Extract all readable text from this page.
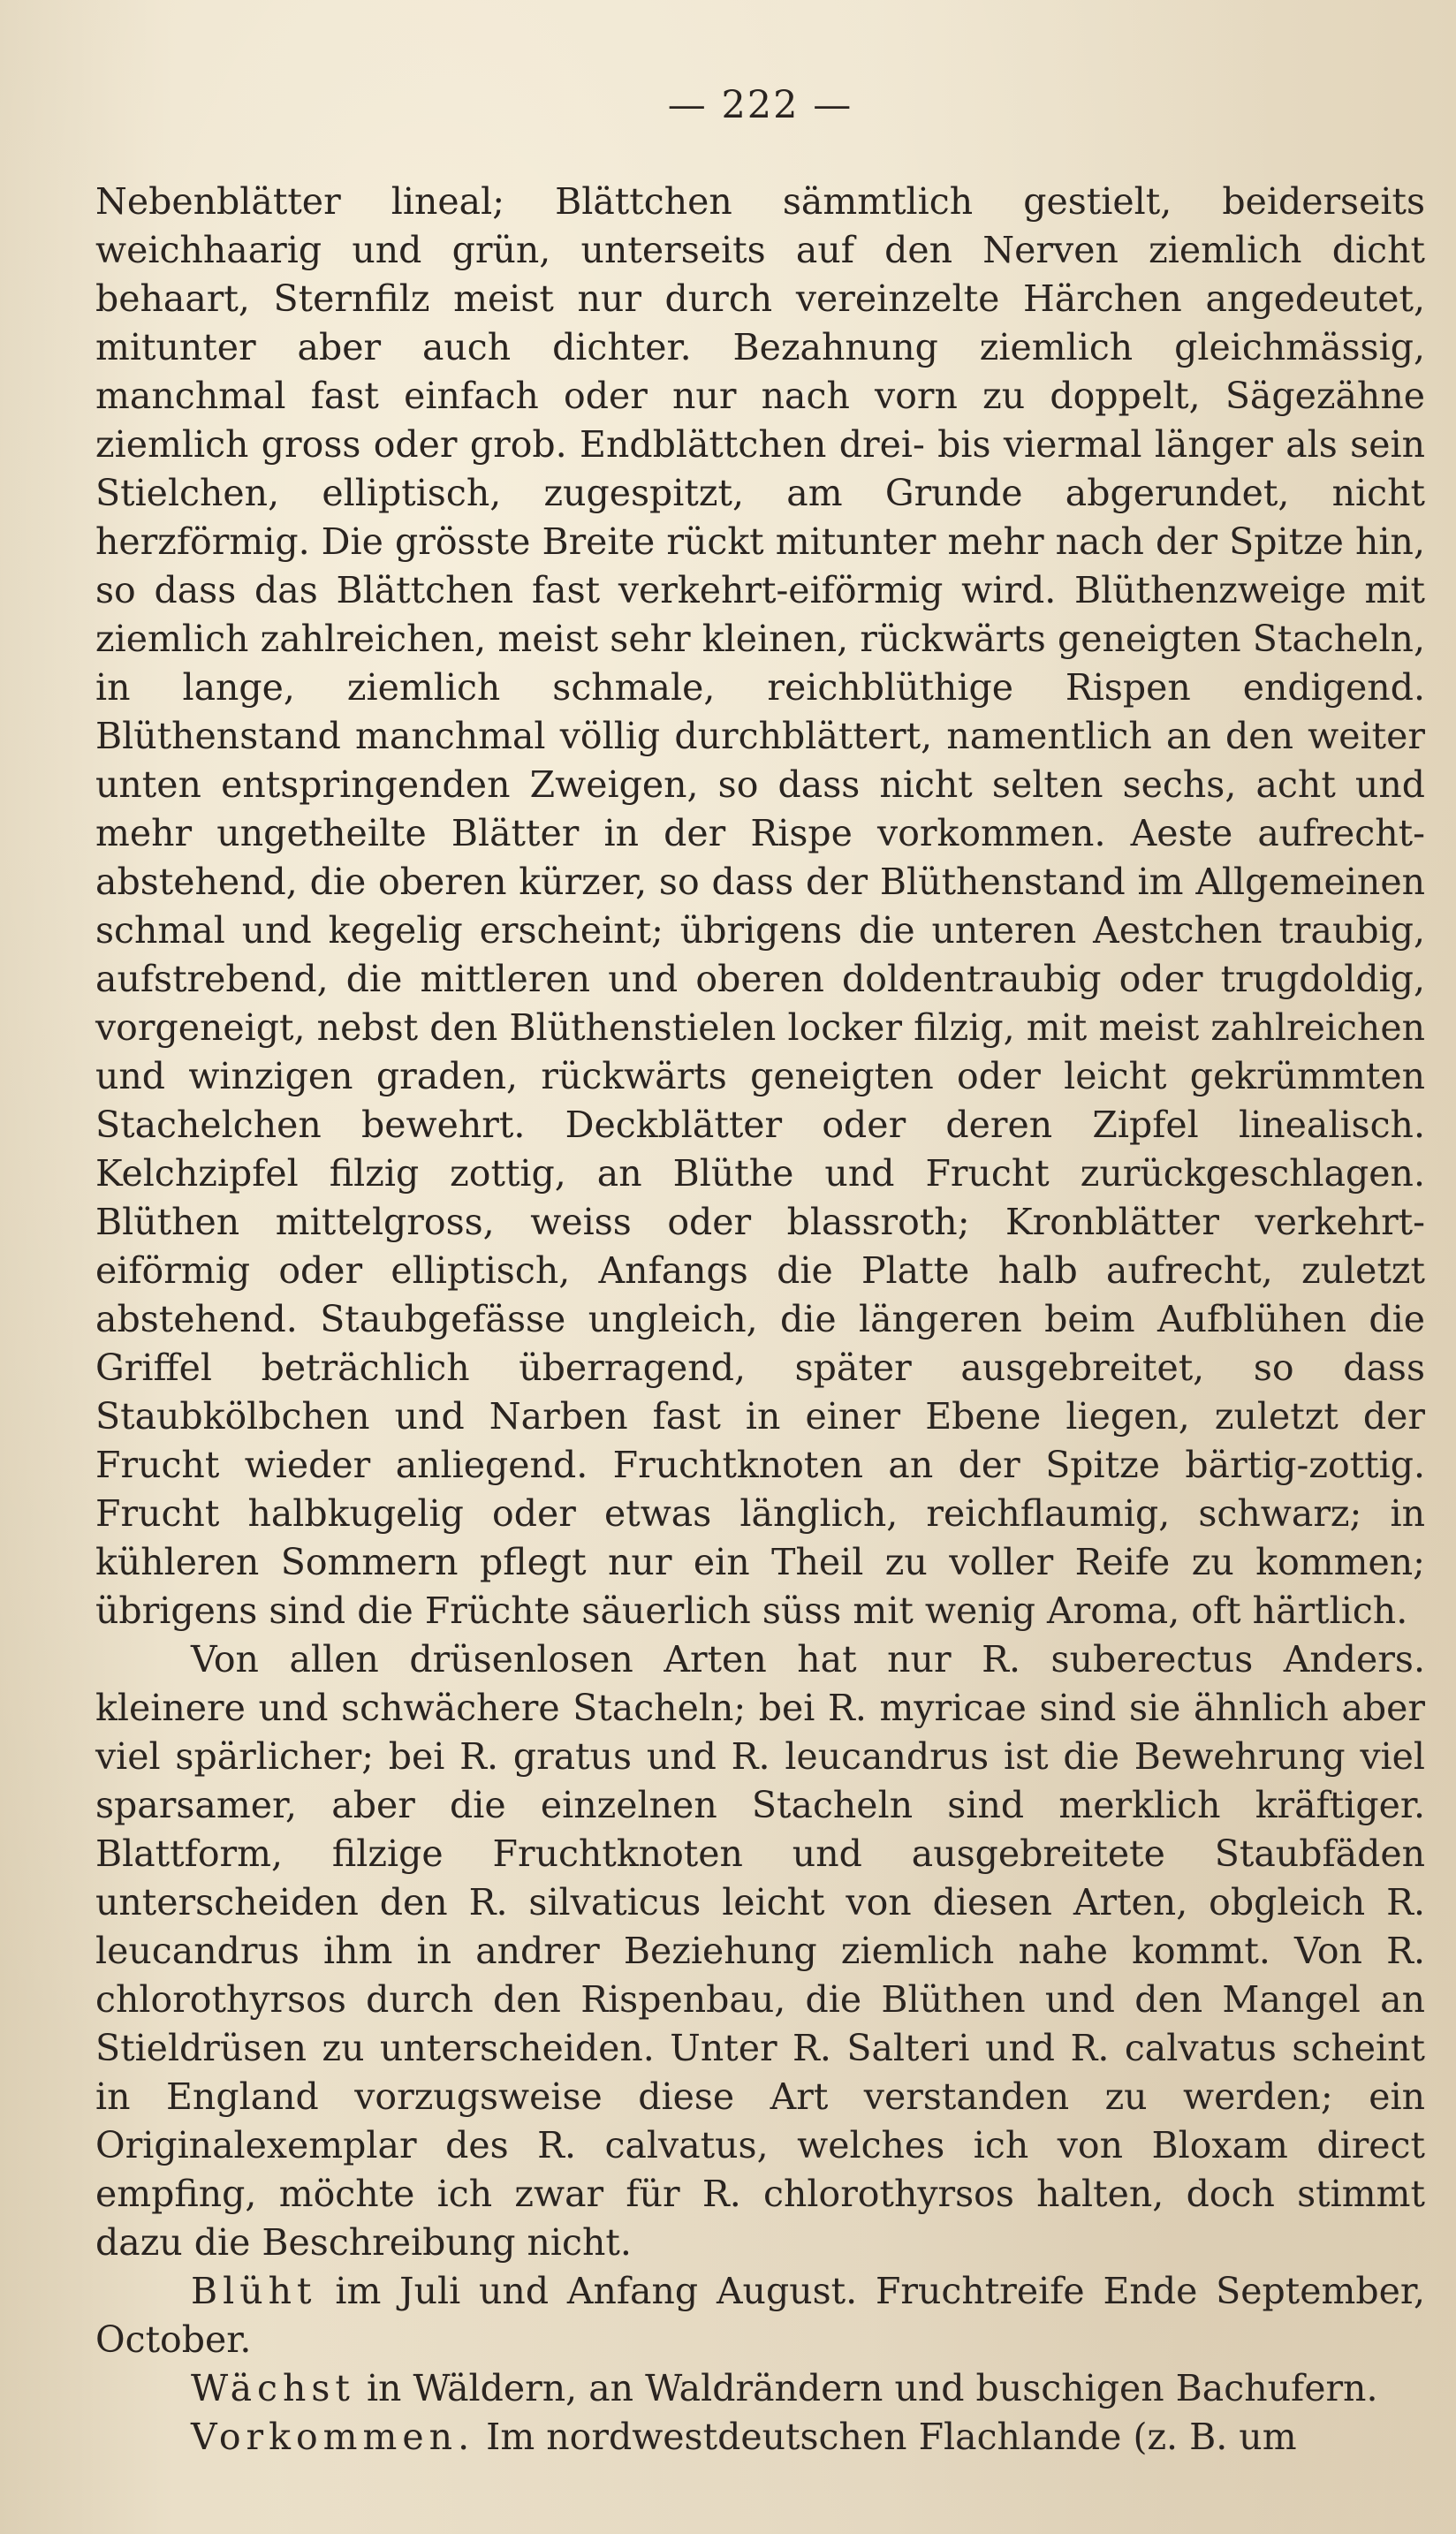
— 222 —

Nebenblätter lineal; Blättchen sämmtlich gestielt, beiderseits weichhaarig und grün, unterseits auf den Nerven ziemlich dicht behaart, Sternfilz meist nur durch vereinzelte Härchen angedeutet, mitunter aber auch dichter. Bezahnung ziemlich gleichmässig, manchmal fast einfach oder nur nach vorn zu doppelt, Sägezähne ziemlich gross oder grob. Endblättchen drei- bis viermal länger als sein Stielchen, elliptisch, zugespitzt, am Grunde abgerundet, nicht herzförmig. Die grösste Breite rückt mitunter mehr nach der Spitze hin, so dass das Blättchen fast verkehrt-eiförmig wird. Blüthenzweige mit ziemlich zahlreichen, meist sehr kleinen, rückwärts geneigten Stacheln, in lange, ziemlich schmale, reichblüthige Rispen endigend. Blüthenstand manchmal völlig durchblättert, namentlich an den weiter unten entspringenden Zweigen, so dass nicht selten sechs, acht und mehr ungetheilte Blätter in der Rispe vorkommen. Aeste aufrecht-abstehend, die oberen kürzer, so dass der Blüthenstand im Allgemeinen schmal und kegelig erscheint; übrigens die unteren Aestchen traubig, aufstrebend, die mittleren und oberen doldentraubig oder trugdoldig, vorgeneigt, nebst den Blüthenstielen locker filzig, mit meist zahlreichen und winzigen graden, rückwärts geneigten oder leicht gekrümmten Stachelchen bewehrt. Deckblätter oder deren Zipfel linealisch. Kelchzipfel filzig zottig, an Blüthe und Frucht zurückgeschlagen. Blüthen mittelgross, weiss oder blassroth; Kronblätter verkehrt-eiförmig oder elliptisch, Anfangs die Platte halb aufrecht, zuletzt abstehend. Staubgefässe ungleich, die längeren beim Aufblühen die Griffel beträchlich überragend, später ausgebreitet, so dass Staubkölbchen und Narben fast in einer Ebene liegen, zuletzt der Frucht wieder anliegend. Fruchtknoten an der Spitze bärtig-zottig. Frucht halbkugelig oder etwas länglich, reichflaumig, schwarz; in kühleren Sommern pflegt nur ein Theil zu voller Reife zu kommen; übrigens sind die Früchte säuerlich süss mit wenig Aroma, oft härtlich.

Von allen drüsenlosen Arten hat nur R. suberectus Anders. kleinere und schwächere Stacheln; bei R. myricae sind sie ähnlich aber viel spärlicher; bei R. gratus und R. leucandrus ist die Bewehrung viel sparsamer, aber die einzelnen Stacheln sind merklich kräftiger. Blattform, filzige Fruchtknoten und ausgebreitete Staubfäden unterscheiden den R. silvaticus leicht von diesen Arten, obgleich R. leucandrus ihm in andrer Beziehung ziemlich nahe kommt. Von R. chlorothyrsos durch den Rispenbau, die Blüthen und den Mangel an Stieldrüsen zu unterscheiden. Unter R. Salteri und R. calvatus scheint in England vorzugsweise diese Art verstanden zu werden; ein Originalexemplar des R. calvatus, welches ich von Bloxam direct empfing, möchte ich zwar für R. chlorothyrsos halten, doch stimmt dazu die Beschreibung nicht.

Blüht im Juli und Anfang August. Fruchtreife Ende September, October.

Wächst in Wäldern, an Waldrändern und buschigen Bachufern.

Vorkommen. Im nordwestdeutschen Flachlande (z. B. um
